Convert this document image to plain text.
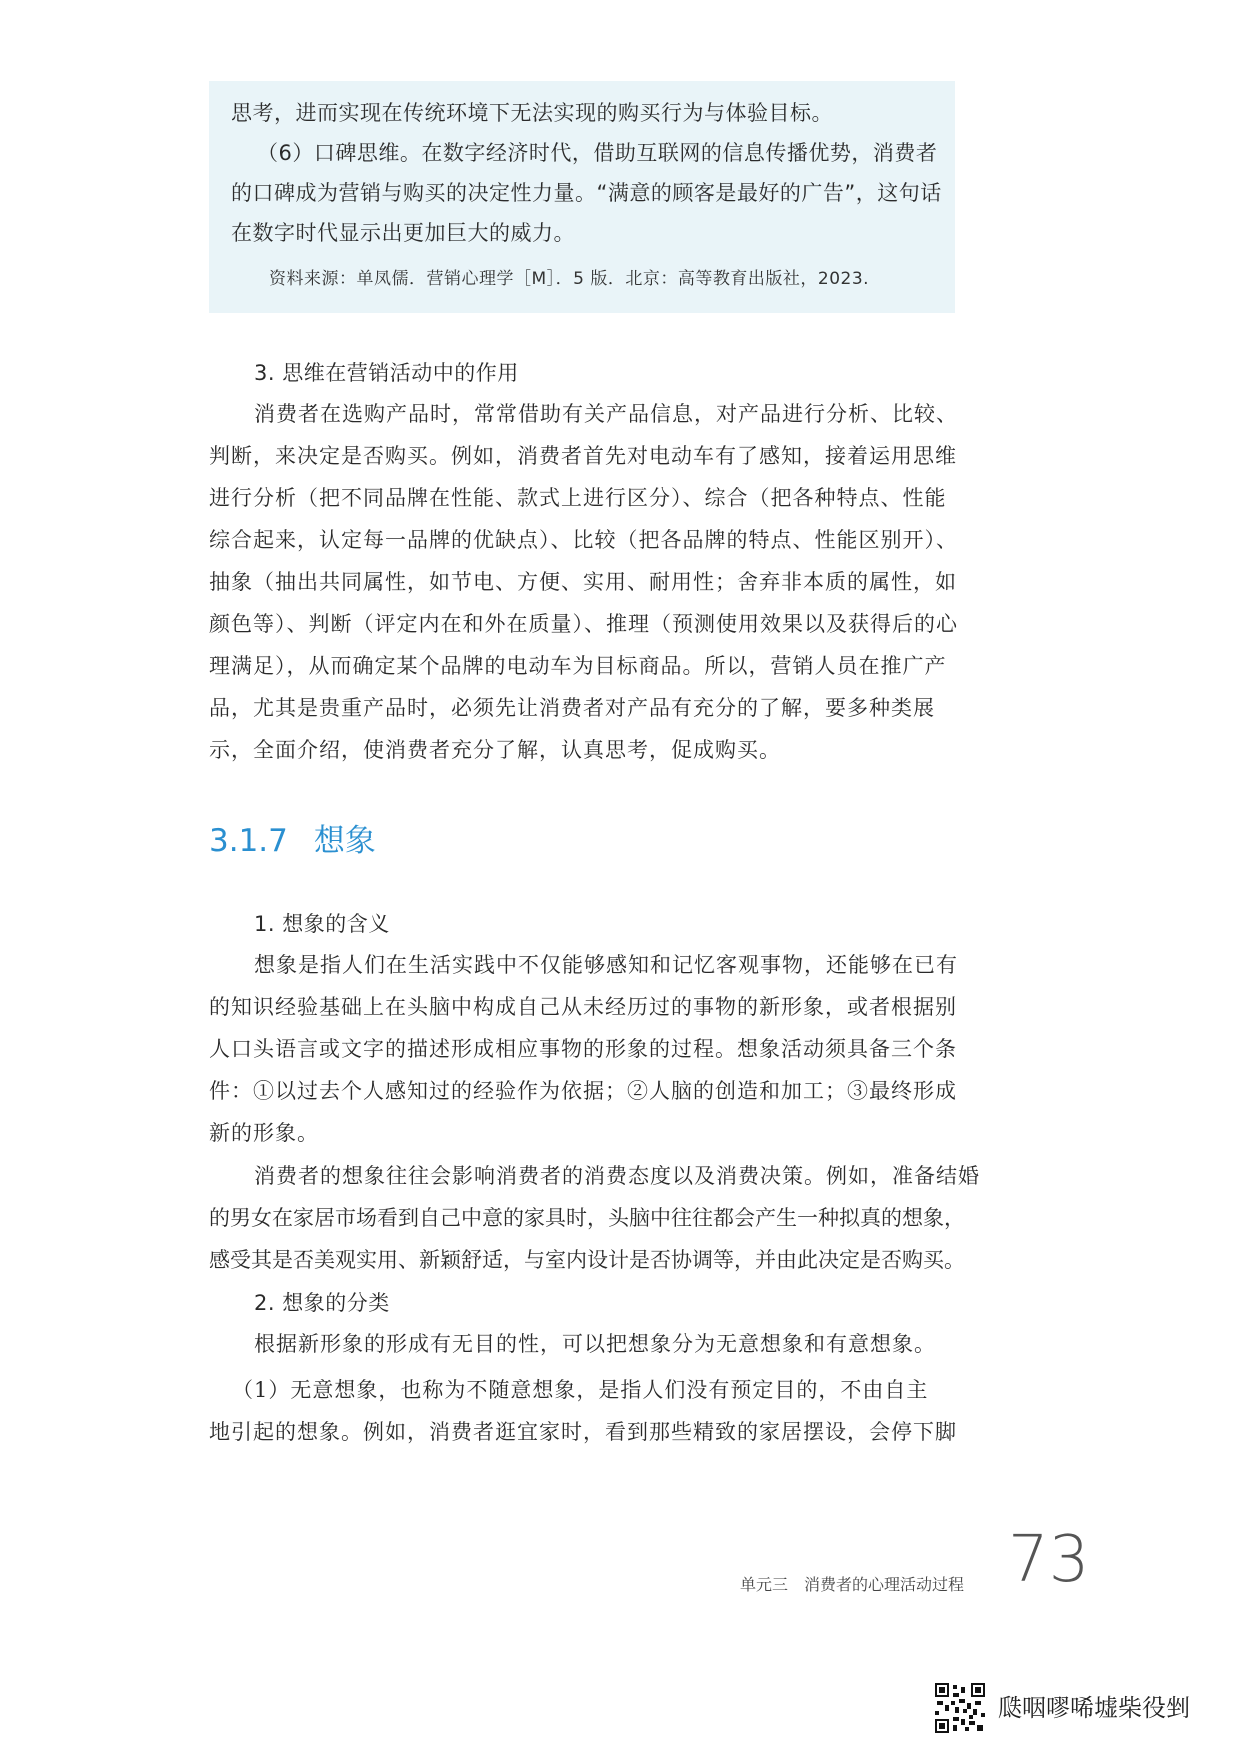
思考，进而实现在传统环境下无法实现的购买行为与体验目标。

（6）口碑思维。在数字经济时代，借助互联网的信息传播优势，消费者

的口碑成为营销与购买的决定性力量。“满意的顾客是最好的广告”，这句话

在数字时代显示出更加巨大的威力。

资料来源：单凤儒．营销心理学［M］．5 版．北京：高等教育出版社，2023.

3. 思维在营销活动中的作用

消费者在选购产品时，常常借助有关产品信息，对产品进行分析、比较、

判断，来决定是否购买。例如，消费者首先对电动车有了感知，接着运用思维

进行分析（把不同品牌在性能、款式上进行区分）、综合（把各种特点、性能

综合起来，认定每一品牌的优缺点）、比较（把各品牌的特点、性能区别开）、

抽象（抽出共同属性，如节电、方便、实用、耐用性；舍弃非本质的属性，如

颜色等）、判断（评定内在和外在质量）、推理（预测使用效果以及获得后的心

理满足），从而确定某个品牌的电动车为目标商品。所以，营销人员在推广产

品，尤其是贵重产品时，必须先让消费者对产品有充分的了解，要多种类展

示，全面介绍，使消费者充分了解，认真思考，促成购买。

3.1.7 想象

1. 想象的含义

想象是指人们在生活实践中不仅能够感知和记忆客观事物，还能够在已有

的知识经验基础上在头脑中构成自己从未经历过的事物的新形象，或者根据别

人口头语言或文字的描述形成相应事物的形象的过程。想象活动须具备三个条

件：①以过去个人感知过的经验作为依据；②人脑的创造和加工；③最终形成

新的形象。

消费者的想象往往会影响消费者的消费态度以及消费决策。例如，准备结婚

的男女在家居市场看到自己中意的家具时，头脑中往往都会产生一种拟真的想象，

感受其是否美观实用、新颖舒适，与室内设计是否协调等，并由此决定是否购买。

2. 想象的分类

根据新形象的形成有无目的性，可以把想象分为无意想象和有意想象。

（1）无意想象，也称为不随意想象，是指人们没有预定目的，不由自主

地引起的想象。例如，消费者逛宜家时，看到那些精致的家居摆设，会停下脚

单元三　消费者的心理活动过程 73
瓞咽嘐唏墟柴役剉
